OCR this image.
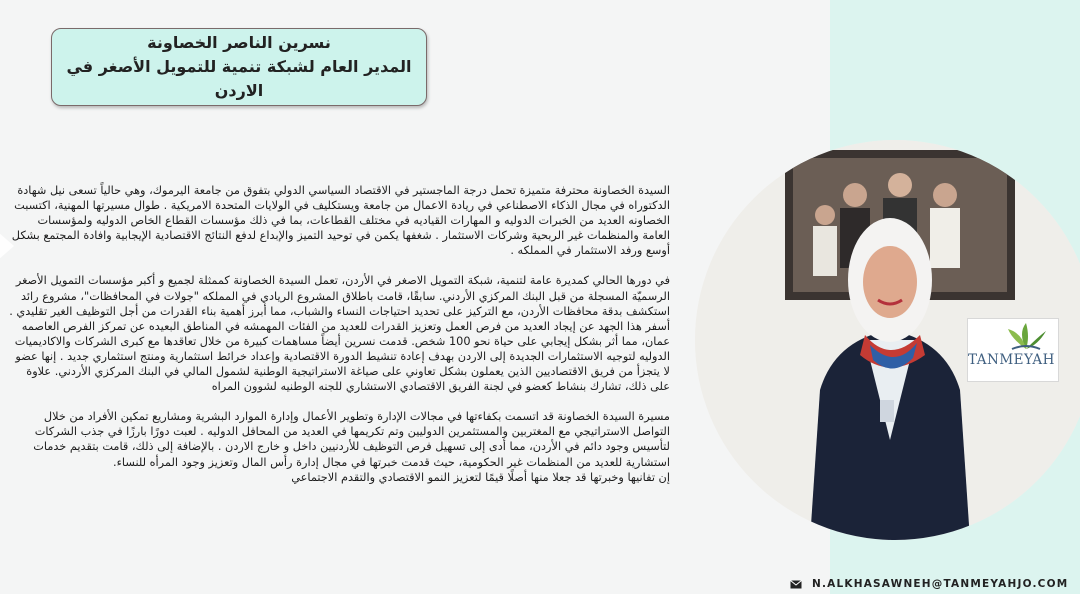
نسرين الناصر الخصاونة
المدير العام لشبكة تنمية للتمويل الأصغر في الاردن

السيدة الخصاونة محترفة متميزة تحمل درجة الماجستير في الاقتصاد السياسي الدولي بتفوق من جامعة اليرموك، وهي حالياً تسعى نيل شهادة الدكتوراه في مجال الذكاء الاصطناعي في ريادة الاعمال من جامعة ويستكليف في الولايات المتحدة الامريكية . طوال مسيرتها المهنية، اكتسبت الخصاونه العديد من الخبرات الدوليه و المهارات القياديه في مختلف القطاعات، بما في ذلك مؤسسات القطاع الخاص الدوليه ولمؤسسات العامة والمنظمات غير الربحية وشركات الاستثمار . شغفها يكمن في توحيد التميز والإبداع لدفع النتائج الاقتصادية الإيجابية وافادة المجتمع بشكل أوسع ورفد الاستثمار في المملكه .

في دورها الحالي كمديرة عامة لتنمية، شبكة التمويل الاصغر في الأردن، تعمل السيدة الخصاونة كممثلة لجميع و أكبر مؤسسات التمويل الأصغر الرسميّة المسجلة من قبل البنك المركزي الأردني. سابقًا، قامت باطلاق المشروع الريادي في المملكه "جولات في المحافظات"، مشروع رائد استكشف بدقة محافظات الأردن، مع التركيز على تحديد احتياجات النساء والشباب، مما أبرز أهمية بناء القدرات من أجل التوظيف الغير تقليدي . أسفر هذا الجهد عن إيجاد العديد من فرص العمل وتعزيز القدرات للعديد من الفئات المهمشه في المناطق البعيده عن تمركز الفرص العاصمه عمان، مما أثر بشكل إيجابي على حياة نحو 100 شخص. قدمت نسرين أيضاً مساهمات كبيرة من خلال تعاقدها مع كبرى الشركات والاكاديميات الدوليه لتوجيه الاستثمارات الجديدة إلى الاردن بهدف إعادة تنشيط الدورة الاقتصادية وإعداد خرائط استثمارية ومنتج استثماري جديد . إنها عضو لا يتجزأ من فريق الاقتصاديين الذين يعملون بشكل تعاوني على صياغة الاستراتيجية الوطنية لشمول المالي في البنك المركزي الأردني. علاوة على ذلك، تشارك بنشاط كعضو في لجنة الفريق الاقتصادي الاستشاري للجنه الوطنيه لشوون المراه

مسيرة السيدة الخصاونة قد اتسمت بكفاءتها في مجالات الإدارة وتطوير الأعمال وإدارة الموارد البشرية ومشاريع تمكين الأفراد من خلال التواصل الاستراتيجي مع المغتربين والمستثمرين الدوليين وتم تكريمها في العديد من المحافل الدوليه . لعبت دورًا بارزًا في جذب الشركات لتأسيس وجود دائم في الأردن، مما أدى إلى تسهيل فرص التوظيف للأردنيين داخل و خارج الاردن . بالإضافة إلى ذلك، قامت بتقديم خدمات استشارية للعديد من المنظمات غير الحكومية، حيث قدمت خبرتها في مجال إدارة رأس المال وتعزيز وجود المرأه للنساء.

إن تفانيها وخبرتها قد جعلا منها أصلًا قيمًا لتعزيز النمو الاقتصادي والتقدم الاجتماعي

TANMEYAH
N.ALKHASAWNEH@TANMEYAHJO.COM
